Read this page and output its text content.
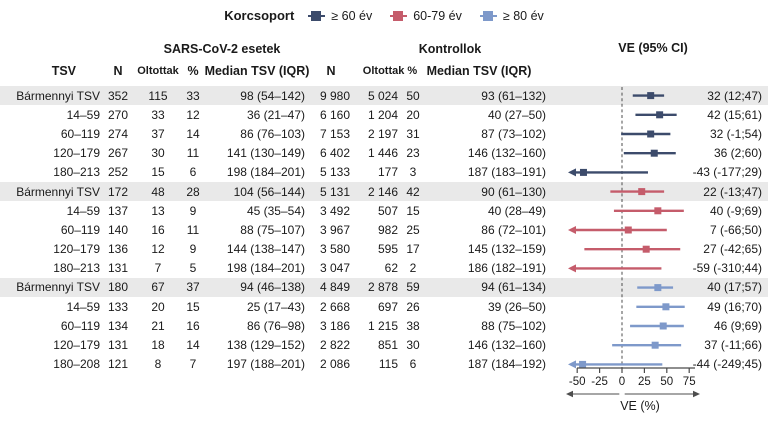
Korcsoport	≥ 60 év	60-79 év	≥ 80 év
SARS-CoV-2 esetek	Kontrollok	VE (95% CI)
TSV	N	Oltottak % Median TSV (IQR)	N	Oltottak % Median TSV (IQR)
Bármennyi TSV 352	115	33	98 (54–142)	9 980	5 024 50	93 (61–132)	32 (12;47)
14–59 270	33	12	36 (21–47)	6 160	1 204 20	40 (27–50)	42 (15;61)
60–119 274	37	14	86 (76–103)	7 153	2 197 31	87 (73–102)	32 (-1;54)
120–179 267	30	11	141 (130–149)	6 402	1 446 23	146 (132–160)	36 (2;60)
180–213 252	15	6	198 (184–201)	5 133	177 3	187 (183–191)	-43 (-177;29)
Bármennyi TSV 172	48	28	104 (56–144)	5 131	2 146 42	90 (61–130)	22 (-13;47)
14–59 137	13	9	45 (35–54)	3 492	507 15	40 (28–49)	40 (-9;69)
60–119 140	16	11	88 (75–107)	3 967	982 25	86 (72–101)	7 (-66;50)
120–179 136	12	9	144 (138–147)	3 580	595 17	145 (132–159)	27 (-42;65)
180–213 131	7	5	198 (184–201)	3 047	62 2	186 (182–191)	-59 (-310;44)
Bármennyi TSV 180	67	37	94 (46–138)	4 849	2 878 59	94 (61–134)	40 (17;57)
14–59 133	20	15	25 (17–43)	2 668	697 26	39 (26–50)	49 (16;70)
60–119 134	21	16	86 (76–98)	3 186	1 215 38	88 (75–102)	46 (9;69)
120–179 131	18	14	138 (129–152)	2 822	851 30	146 (132–160)	37 (-11;66)
180–208 121	8	7	197 (188–201)	2 086	115 6	187 (184–192)	-44 (-249;45)
-50 -25 0 25 50 75
VE (%)
